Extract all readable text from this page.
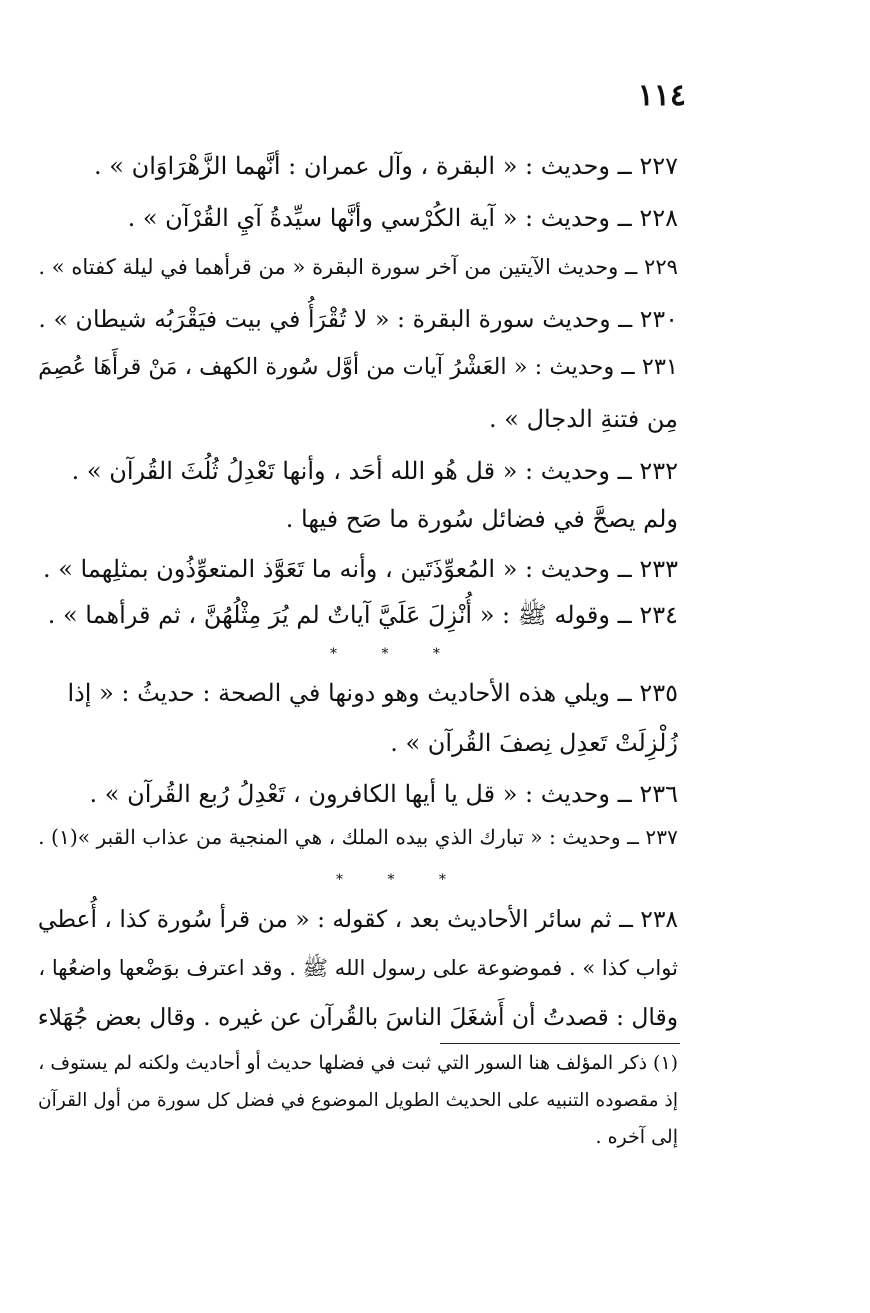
١١٤
٢٢٧ ــ وحديث : « البقرة ، وآل عمران : أنَّهما الزَّهْرَاوَان » .
٢٢٨ ــ وحديث : « آية الكُرْسي وأنَّها سيِّدةُ آيِ القُرْآن » .
٢٢٩ ــ وحديث الآيتين من آخر سورة البقرة « من قرأهما في ليلة كفتاه » .
٢٣٠ ــ وحديث سورة البقرة : « لا تُقْرَأُ في بيت فيَقْرَبُه شيطان » .
٢٣١ ــ وحديث : « العَشْرُ آيات من أوَّل سُورة الكهف ، مَنْ قرأَهَا عُصِمَ
مِن فتنةِ الدجال » .
٢٣٢ ــ وحديث : « قل هُو الله أحَد ، وأنها تَعْدِلُ ثُلُثَ القُرآن » .
ولم يصحَّ في فضائل سُورة ما صَح فيها .
٢٣٣ ــ وحديث : « المُعوِّذَتَين ، وأنه ما تَعَوَّذ المتعوِّذُون بمثلِهما » .
٢٣٤ ــ وقوله ﷺ : « أُنْزِلَ عَلَيَّ آياتٌ لم يُرَ مِثْلُهُنَّ ، ثم قرأهما » .
* * *
٢٣٥ ــ ويلي هذه الأحاديث وهو دونها في الصحة : حديثُ : « إذا
زُلْزِلَتْ تَعدِل نِصفَ القُرآن » .
٢٣٦ ــ وحديث : « قل يا أيها الكافرون ، تَعْدِلُ رُبع القُرآن » .
٢٣٧ ــ وحديث : « تبارك الذي بيده الملك ، هي المنجية من عذاب القبر »(١) .
* * *
٢٣٨ ــ ثم سائر الأحاديث بعد ، كقوله : « من قرأ سُورة كذا ، أُعطي
ثواب كذا » . فموضوعة على رسول الله ﷺ . وقد اعترف بوَضْعها واضعُها ،
وقال : قصدتُ أن أَشغَلَ الناسَ بالقُرآن عن غيره . وقال بعض جُهَلاء
(١) ذكر المؤلف هنا السور التي ثبت في فضلها حديث أو أحاديث ولكنه لم يستوف ،
إذ مقصوده التنبيه على الحديث الطويل الموضوع في فضل كل سورة من أول القرآن
إلى آخره .
